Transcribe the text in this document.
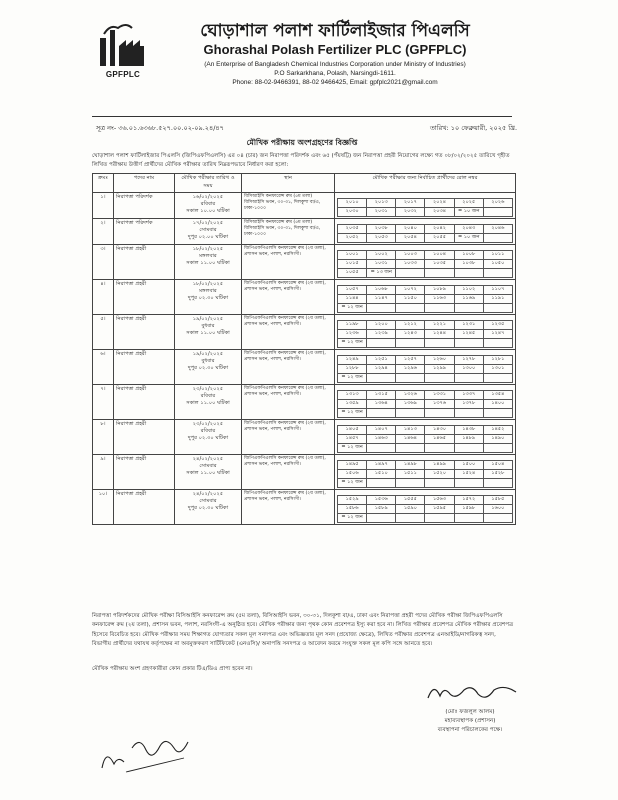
GPFPLC
ঘোড়াশাল পলাশ ফার্টিলাইজার পিএলসি
Ghorashal Polash Fertilizer PLC (GPFPLC)
(An Enterprise of Bangladesh Chemical Industries Corporation under Ministry of Industries)
P.O Sarkarkhana, Polash, Narsingdi-1611.
Phone: 88-02-9466391, 88-02 9466425, Email: gpfplc2021@gmail.com
সূত্র নং- ৩৬.০১.৬৩৬৮.৫২৭.০০.০২-০৯.২৪/৪৭	তারিখ: ১০ ফেব্রুয়ারী, ২০২৫ খ্রি.
মৌখিক পরীক্ষায় অংশগ্রহণের বিজ্ঞপ্তি
ঘোড়াশাল পলাশ ফার্টিলাইজার পিএলসি (জিপিএফপিএলসি) এর ০৪ (চার) জন নিরাপত্তা পরিদর্শক এবং ৬৫ (পঁয়ষট্টি) জন নিরাপত্তা প্রহরী নিয়োগের লক্ষ্যে গত ০৮/০২/২০২৫ তারিখে গৃহীত লিখিত পরীক্ষায় উত্তীর্ণ প্রার্থীদের মৌখিক পরীক্ষার তারিখ নিম্নরূপভাবে নির্ধারণ করা হলো:
ক্রমঃ	পদের নাম	মৌখিক পরীক্ষার তারিখ ও সময়	স্থান	মৌখিক পরীক্ষার জন্য নির্বাচিত প্রার্থীদের রোল নম্বর
১।	নিরাপত্তা পরিদর্শক	১৬/০২/২০২৫
রবিবার
সকাল ১০.০০ ঘটিকা
	বিসিআইসি কনফারেন্স রুম (৫ম তলা) বিসিআইসি ভবন, ৩০-৩১, দিলকুশা বা/এ, ঢাকা-১০০০	
২০১০	২০১৩	২০১৭	২০২৪	২০২৫	২০২৬
২০৩০	২০৩১	২০৩২	২০৩৪	= ১০ জন	

২।	নিরাপত্তা পরিদর্শক	১৭/০২/২০২৫
সোমবার
দুপুর ০২.০০ ঘটিকা
	বিসিআইসি কনফারেন্স রুম (৫ম তলা) বিসিআইসি ভবন, ৩০-৩১, দিলকুশা বা/এ, ঢাকা-১০০০	
২০৩৫	২০৩৮	২০৪০	২০৪২	২০৪৩	২০৪৬
২০৫২	২০৫৩	২০৫৪	২০৫৫	= ১০ জন	

৩।	নিরাপত্তা প্রহরী	১৮/০২/২০২৫
মঙ্গলবার
সকাল ১১.০০ ঘটিকা
	জিপিএফপিএলসি কনফারেন্স রুম (২য় তলা), প্রশাসন ভবন, পলাশ, নরসিংদী।		১০০১	১০০২	১০০৩	১০০৪	১০০৮	১০১১
১০১৫	১০৩১	১০৩৩	১০৩৫	১০৩৮	১০৫০
১০৫৫	= ১৩ জন				

৪।	নিরাপত্তা প্রহরী	১৮/০২/২০২৫
মঙ্গলবার
দুপুর ০২.৩০ ঘটিকা
	জিপিএফপিএলসি কনফারেন্স রুম (২য় তলা), প্রশাসন ভবন, পলাশ, নরসিংদী।		১০৫৭	১০৬৮	১০৭২	১০৮৯	১১০২	১১০৭
১১৪৪	১১৪৭	১১৫০	১১৬৩	১১৬৯	১১৯১
= ১২ জন					

৫।	নিরাপত্তা প্রহরী	১৯/০২/২০২৫
বুধবার
সকাল ১১.০০ ঘটিকা
	জিপিএফপিএলসি কনফারেন্স রুম (২য় তলা), প্রশাসন ভবন, পলাশ, নরসিংদী।		১১৯৮	১২০০	১২১২	১২২১	১২৩১	১২৩৫
১২৩৬	১২৩৯	১২৪৩	১২৪৪	১২৪৫	১২৪৭
= ১২ জন					

৬।	নিরাপত্তা প্রহরী	১৯/০২/২০২৫
বুধবার
দুপুর ০২.৩০ ঘটিকা
	জিপিএফপিএলসি কনফারেন্স রুম (২য় তলা), প্রশাসন ভবন, পলাশ, নরসিংদী।		১২৪৯	১২৫১	১২৫৭	১২৬০	১২৭৮	১২৮১
১২৮৮	১২৯৪	১২৯৬	১২৯৯	১৩০০	১৩০১
= ১২ জন					

৭।	নিরাপত্তা প্রহরী	২৩/০২/২০২৫
রবিবার
সকাল ১১.০০ ঘটিকা
	জিপিএফপিএলসি কনফারেন্স রুম (২য় তলা), প্রশাসন ভবন, পলাশ, নরসিংদী।		১৩১৩	১৩১৫	১৩২৬	১৩৩১	১৩৩৭	১৩৫৪
১৩৫৯	১৩৬৪	১৩৬৯	১৩৭৬	১৩৭৮	১৪০০
= ১২ জন					

৮।	নিরাপত্তা প্রহরী	২৩/০২/২০২৫
রবিবার
দুপুর ০২.৩০ ঘটিকা
	জিপিএফপিএলসি কনফারেন্স রুম (২য় তলা), প্রশাসন ভবন, পলাশ, নরসিংদী।		১৪০৫	১৪০৭	১৪১৩	১৪৩০	১৪৩৮	১৪৫২
১৪৫৭	১৪৬৩	১৪৬৪	১৪৬৫	১৪৮৯	১৪৯০
= ১২ জন					

৯।	নিরাপত্তা প্রহরী	২৪/০২/২০২৫
সোমবার
সকাল ১১.০০ ঘটিকা
	জিপিএফপিএলসি কনফারেন্স রুম (২য় তলা), প্রশাসন ভবন, পলাশ, নরসিংদী।		১৪৯৫	১৪৯৭	১৪৯৮	১৪৯৯	১৫০০	১৫০৪
১৫০৬	১৫১০	১৫১১	১৫২০	১৫২৪	১৫২৮
= ১২ জন					

১০।	নিরাপত্তা প্রহরী	২৪/০২/২০২৫
সোমবার
দুপুর ০২.৩০ ঘটিকা
	জিপিএফপিএলসি কনফারেন্স রুম (২য় তলা), প্রশাসন ভবন, পলাশ, নরসিংদী।		১৫২৯	১৫৩৬	১৫৫৫	১৫৬৩	১৫৭২	১৫৮৫
১৫৮৬	১৫৮৯	১৫৯০	১৫৯৫	১৫৯৮	১৬০০
= ১২ জন					
নিরাপত্তা পরিদর্শকদের মৌখিক পরীক্ষা বিসিআইসি কনফারেন্স রুম (৫ম তলা), বিসিআইসি ভবন, ৩০-৩১, দিলকুশা বা/এ, ঢাকা এবং নিরাপত্তা প্রহরী পদের মৌখিক পরীক্ষা জিপিএফপিএলসি কনফারেন্স রুম (২য় তলা), প্রশাসন ভবন, পলাশ, নরসিংদী-এ অনুষ্ঠিত হবে। মৌখিক পরীক্ষার জন্য পৃথক কোন প্রবেশপত্র ইস্যু করা হবে না। লিখিত পরীক্ষার প্রবেশপত্র মৌখিক পরীক্ষার প্রবেশপত্র হিসেবে বিবেচিত হবে। মৌখিক পরীক্ষার সময় শিক্ষাগত যোগ্যতার সকল মূল সনদপত্র এবং অভিজ্ঞতার মূল সনদ (প্রযোজ্য ক্ষেত্রে), লিখিত পরীক্ষার প্রবেশপত্র এনআইডি/নাগরিকত্ব সনদ, বিভাগীয় প্রার্থীদের যথাযথ কর্তৃপক্ষের না অবমুক্তকরণ সার্টিফিকেট (এনওসি)/ অনাপত্তি সনদপত্র ও আবেদন ফরমে সংযুক্ত সকল মূল কপি সঙ্গে আনতে হবে।
মৌখিক পরীক্ষায় অংশ গ্রহণকারীরা কোন প্রকার টিএ/ডিএ প্রাপ্য হবেন না।
(মোঃ ফজলুল আলম)
মহাব্যবস্থাপক (প্রশাসন)
ব্যবস্থাপনা পরিচালকের পক্ষে।
